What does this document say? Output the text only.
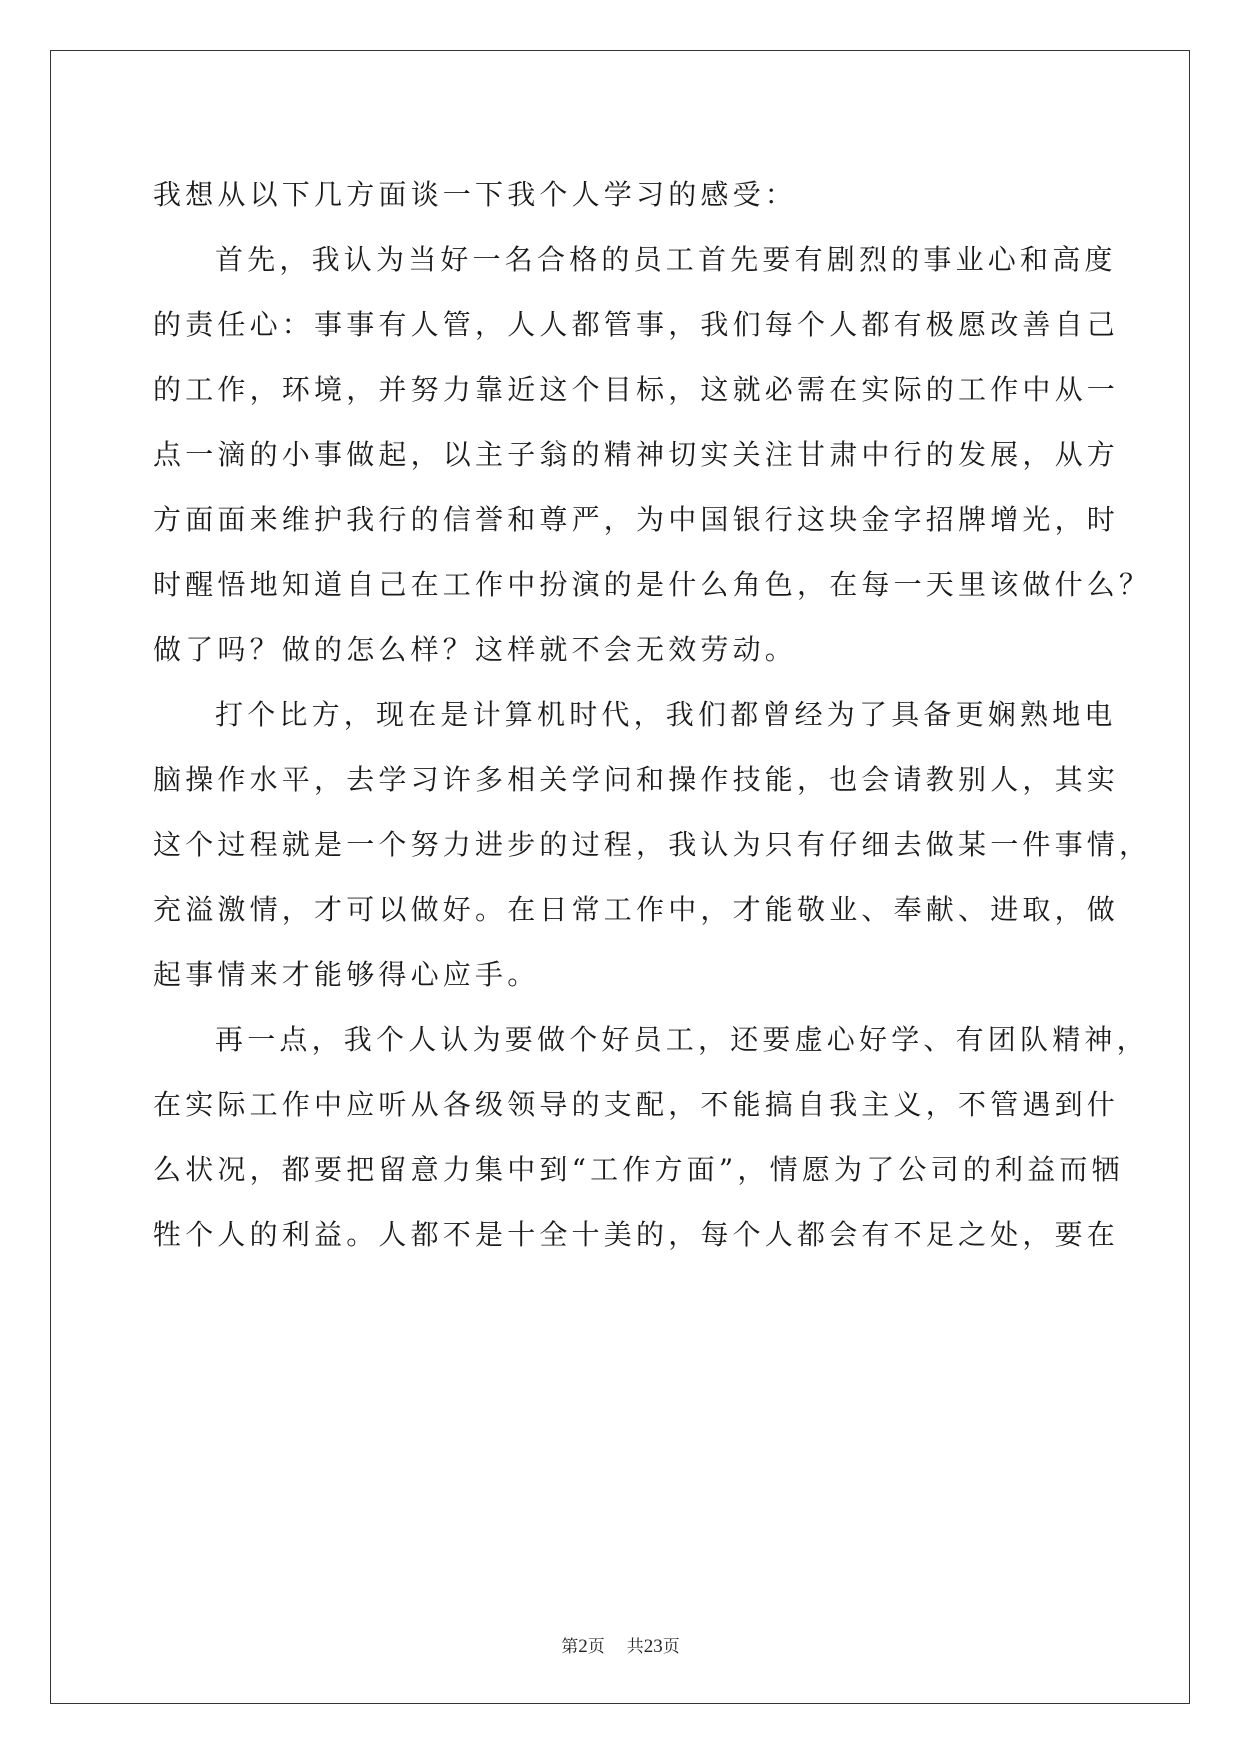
我想从以下几方面谈一下我个人学习的感受：
首先，我认为当好一名合格的员工首先要有剧烈的事业心和高度
的责任心：事事有人管，人人都管事，我们每个人都有极愿改善自己
的工作，环境，并努力靠近这个目标，这就必需在实际的工作中从一
点一滴的小事做起，以主子翁的精神切实关注甘肃中行的发展，从方
方面面来维护我行的信誉和尊严，为中国银行这块金字招牌增光，时
时醒悟地知道自己在工作中扮演的是什么角色，在每一天里该做什么？
做了吗？做的怎么样？这样就不会无效劳动。
打个比方，现在是计算机时代，我们都曾经为了具备更娴熟地电
脑操作水平，去学习许多相关学问和操作技能，也会请教别人，其实
这个过程就是一个努力进步的过程，我认为只有仔细去做某一件事情，
充溢激情，才可以做好。在日常工作中，才能敬业、奉献、进取，做
起事情来才能够得心应手。
再一点，我个人认为要做个好员工，还要虚心好学、有团队精神，
在实际工作中应听从各级领导的支配，不能搞自我主义，不管遇到什
么状况，都要把留意力集中到“工作方面”，情愿为了公司的利益而牺
牲个人的利益。人都不是十全十美的，每个人都会有不足之处，要在
第2页 共23页
